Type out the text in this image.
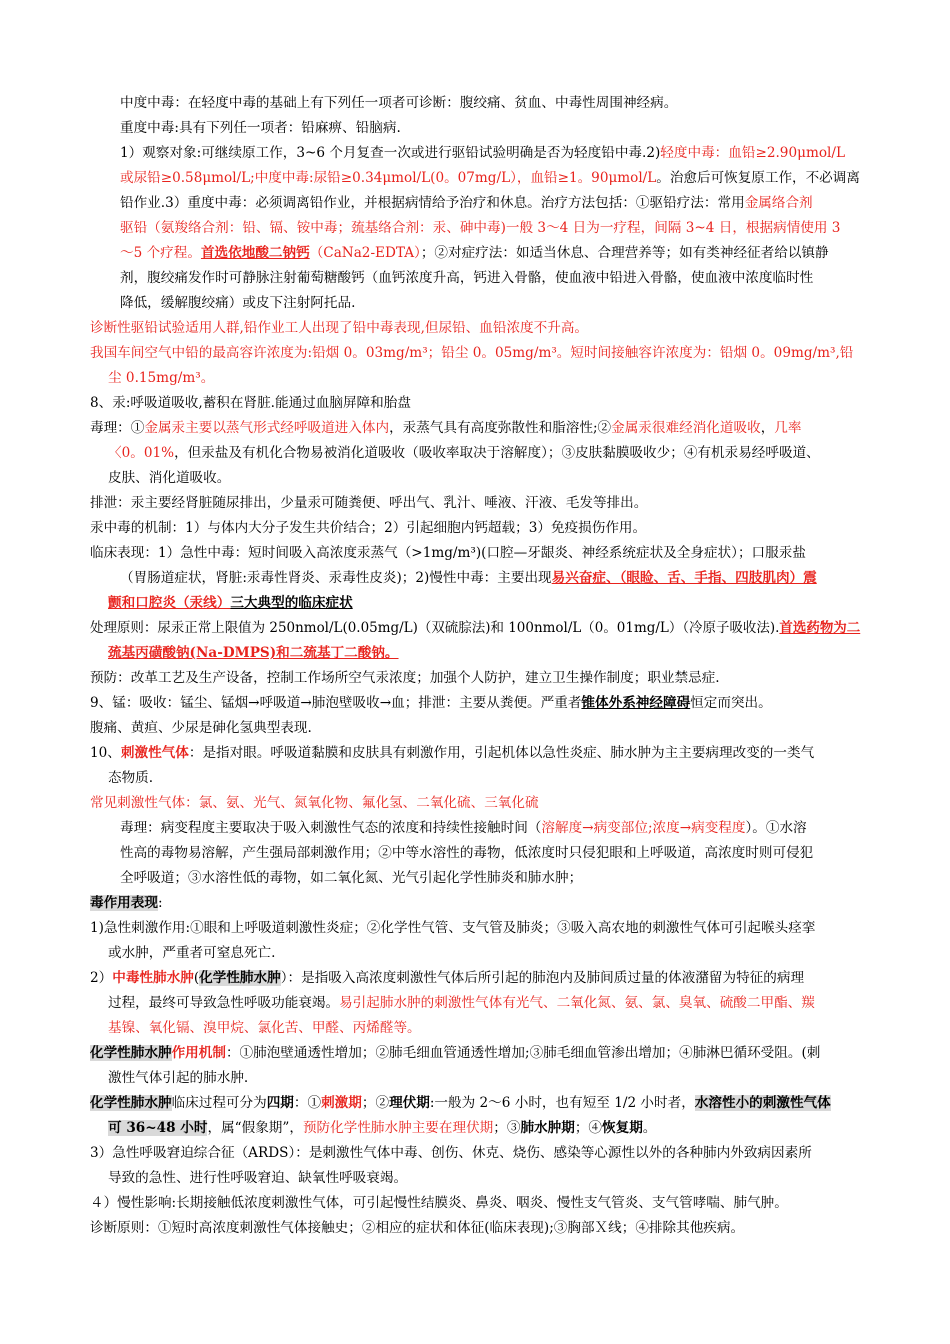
中度中毒：在轻度中毒的基础上有下列任一项者可诊断：腹绞痛、贫血、中毒性周围神经病。
重度中毒:具有下列任一项者：铅麻痹、铅脑病.
1）观察对象:可继续原工作，3~6 个月复查一次或进行驱铅试验明确是否为轻度铅中毒.2)轻度中毒：血铅≥2.90μmol/L
或尿铅≥0.58μmol/L;中度中毒:尿铅≥0.34μmol/L(0。07mg/L），血铅≥1。90μmol/L。治愈后可恢复原工作，不必调离
铅作业.3）重度中毒：必须调离铅作业，并根据病情给予治疗和休息。治疗方法包括：①驱铅疗法：常用金属络合剂
驱铅（氨羧络合剂：铅、镉、铵中毒；巯基络合剂：汞、砷中毒)一般 3～4 日为一疗程，间隔 3~4 日，根据病情使用 3
～5 个疗程。首选依地酸二钠钙（CaNa2-EDTA）；②对症疗法：如适当休息、合理营养等；如有类神经征者给以镇静
剂，腹绞痛发作时可静脉注射葡萄糖酸钙（血钙浓度升高，钙进入骨骼，使血液中铅进入骨骼，使血液中浓度临时性
降低，缓解腹绞痛）或皮下注射阿托品.
诊断性驱铅试验适用人群,铅作业工人出现了铅中毒表现,但尿铅、血铅浓度不升高。
我国车间空气中铅的最高容许浓度为:铅烟 0。03mg/m³；铅尘 0。05mg/m³。短时间接触容许浓度为：铅烟 0。09mg/m³,铅
尘 0.15mg/m³。
8、汞:呼吸道吸收,蓄积在肾脏.能通过血脑屏障和胎盘
毒理：①金属汞主要以蒸气形式经呼吸道进入体内，汞蒸气具有高度弥散性和脂溶性;②金属汞很难经消化道吸收，几率
〈0。01%，但汞盐及有机化合物易被消化道吸收（吸收率取决于溶解度）；③皮肤黏膜吸收少；④有机汞易经呼吸道、
皮肤、消化道吸收。
排泄：汞主要经肾脏随尿排出，少量汞可随粪便、呼出气、乳汁、唾液、汗液、毛发等排出。
汞中毒的机制：1）与体内大分子发生共价结合；2）引起细胞内钙超载；3）免疫损伤作用。
临床表现：1）急性中毒：短时间吸入高浓度汞蒸气（>1mg/m³)(口腔—牙龈炎、神经系统症状及全身症状）；口服汞盐
（胃肠道症状，肾脏:汞毒性肾炎、汞毒性皮炎)；2)慢性中毒：主要出现易兴奋症、（眼睑、舌、手指、四肢肌肉）震
颤和口腔炎（汞线）三大典型的临床症状
处理原则：尿汞正常上限值为 250nmol/L(0.05mg/L)（双硫腙法)和 100nmol/L（0。01mg/L）（冷原子吸收法).首选药物为二
巯基丙磺酸钠(Na-DMPS)和二巯基丁二酸钠。
预防：改革工艺及生产设备，控制工作场所空气汞浓度；加强个人防护，建立卫生操作制度；职业禁忌症.
9、锰：吸收：锰尘、锰烟→呼吸道→肺泡壁吸收→血；排泄：主要从粪便。严重者锥体外系神经障碍恒定而突出。
腹痛、黄疸、少尿是砷化氢典型表现.
10、刺激性气体：是指对眼。呼吸道黏膜和皮肤具有刺激作用，引起机体以急性炎症、肺水肿为主主要病理改变的一类气
态物质.
常见刺激性气体：氯、氨、光气、氮氧化物、氟化氢、二氧化硫、三氧化硫
毒理：病变程度主要取决于吸入刺激性气态的浓度和持续性接触时间（溶解度→病变部位;浓度→病变程度）。①水溶
性高的毒物易溶解，产生强局部刺激作用；②中等水溶性的毒物，低浓度时只侵犯眼和上呼吸道，高浓度时则可侵犯
全呼吸道；③水溶性低的毒物，如二氧化氮、光气引起化学性肺炎和肺水肿；
毒作用表现:
1)急性刺激作用:①眼和上呼吸道刺激性炎症；②化学性气管、支气管及肺炎；③吸入高农地的刺激性气体可引起喉头痉挛
或水肿，严重者可窒息死亡.
2）中毒性肺水肿(化学性肺水肿）：是指吸入高浓度刺激性气体后所引起的肺泡内及肺间质过量的体液潴留为特征的病理
过程，最终可导致急性呼吸功能衰竭。易引起肺水肿的刺激性气体有光气、二氧化氮、氨、氯、臭氧、硫酸二甲酯、羰
基镍、氧化镉、溴甲烷、氯化苦、甲醛、丙烯醛等。
化学性肺水肿作用机制：①肺泡壁通透性增加；②肺毛细血管通透性增加;③肺毛细血管渗出增加；④肺淋巴循环受阻。(刺
激性气体引起的肺水肿.
化学性肺水肿临床过程可分为四期：①刺激期；②理伏期:一般为 2～6 小时，也有短至 1/2 小时者，水溶性小的刺激性气体
可 36~48 小时，属“假象期”，预防化学性肺水肿主要在理伏期；③肺水肿期；④恢复期。
3）急性呼吸窘迫综合征（ARDS）：是刺激性气体中毒、创伤、休克、烧伤、感染等心源性以外的各种肺内外致病因素所
导致的急性、进行性呼吸窘迫、缺氧性呼吸衰竭。
４）慢性影响:长期接触低浓度刺激性气体，可引起慢性结膜炎、鼻炎、咽炎、慢性支气管炎、支气管哮喘、肺气肿。
诊断原则：①短时高浓度刺激性气体接触史；②相应的症状和体征(临床表现);③胸部Ｘ线；④排除其他疾病。
